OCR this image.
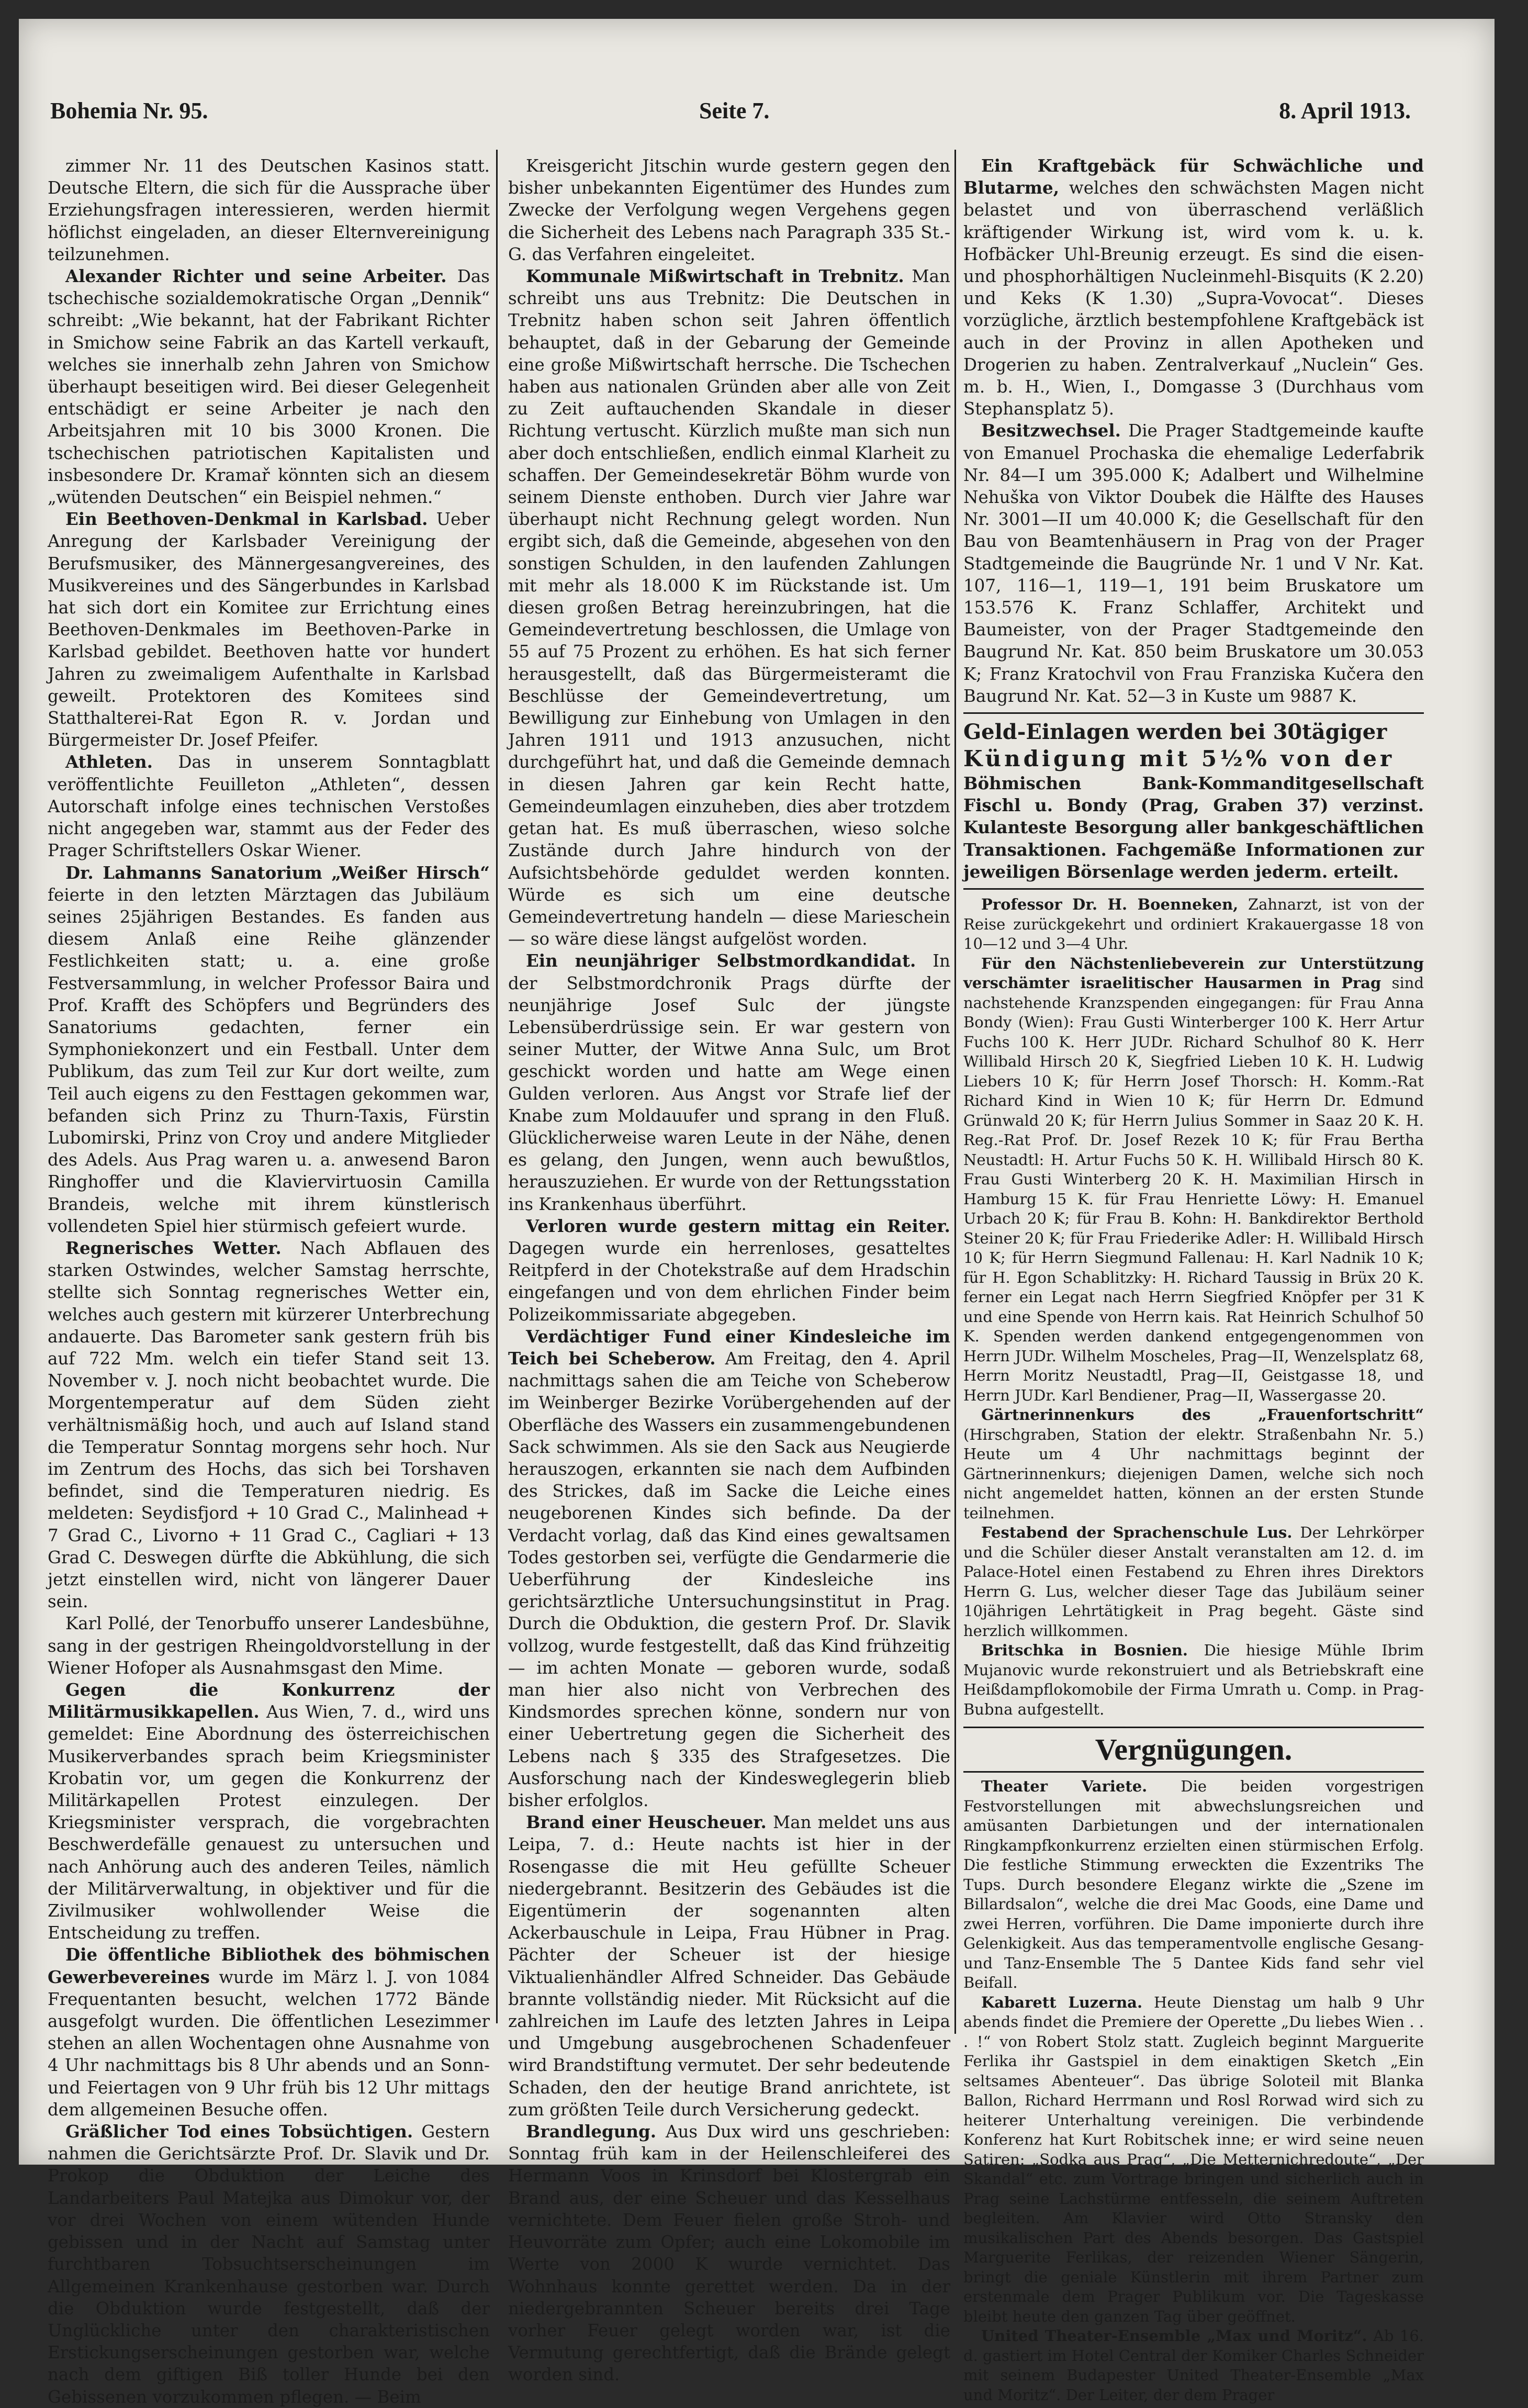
Bohemia Nr. 95.	Seite 7.	8. April 1913.

zimmer Nr. 11 des Deutschen Kasinos statt. Deutsche Eltern, die sich für die Aussprache über Erziehungsfragen interessieren, werden hiermit höflichst eingeladen, an dieser Elternvereinigung teilzunehmen.

Alexander Richter und seine Arbeiter. Das tschechische sozialdemokratische Organ „Dennik“ schreibt: „Wie bekannt, hat der Fabrikant Richter in Smichow seine Fabrik an das Kartell verkauft, welches sie innerhalb zehn Jahren von Smichow überhaupt beseitigen wird. Bei dieser Gelegenheit entschädigt er seine Arbeiter je nach den Arbeitsjahren mit 10 bis 3000 Kronen. Die tschechischen patriotischen Kapitalisten und insbesondere Dr. Kramař könnten sich an diesem „wütenden Deutschen“ ein Beispiel nehmen.“

Ein Beethoven-Denkmal in Karlsbad. Ueber Anregung der Karlsbader Vereinigung der Berufsmusiker, des Männergesangvereines, des Musikvereines und des Sängerbundes in Karlsbad hat sich dort ein Komitee zur Errichtung eines Beethoven-Denkmales im Beethoven-Parke in Karlsbad gebildet. Beethoven hatte vor hundert Jahren zu zweimaligem Aufenthalte in Karlsbad geweilt. Protektoren des Komitees sind Statthalterei-Rat Egon R. v. Jordan und Bürgermeister Dr. Josef Pfeifer.

Athleten. Das in unserem Sonntagblatt veröffentlichte Feuilleton „Athleten“, dessen Autorschaft infolge eines technischen Verstoßes nicht angegeben war, stammt aus der Feder des Prager Schriftstellers Oskar Wiener.

Dr. Lahmanns Sanatorium „Weißer Hirsch“ feierte in den letzten Märztagen das Jubiläum seines 25jährigen Bestandes. Es fanden aus diesem Anlaß eine Reihe glänzender Festlichkeiten statt; u. a. eine große Festversammlung, in welcher Professor Baira und Prof. Krafft des Schöpfers und Begründers des Sanatoriums gedachten, ferner ein Symphoniekonzert und ein Festball. Unter dem Publikum, das zum Teil zur Kur dort weilte, zum Teil auch eigens zu den Festtagen gekommen war, befanden sich Prinz zu Thurn-Taxis, Fürstin Lubomirski, Prinz von Croy und andere Mitglieder des Adels. Aus Prag waren u. a. anwesend Baron Ringhoffer und die Klaviervirtuosin Camilla Brandeis, welche mit ihrem künstlerisch vollendeten Spiel hier stürmisch gefeiert wurde.

Regnerisches Wetter. Nach Abflauen des starken Ostwindes, welcher Samstag herrschte, stellte sich Sonntag regnerisches Wetter ein, welches auch gestern mit kürzerer Unterbrechung andauerte. Das Barometer sank gestern früh bis auf 722 Mm. welch ein tiefer Stand seit 13. November v. J. noch nicht beobachtet wurde. Die Morgentemperatur auf dem Süden zieht verhältnismäßig hoch, und auch auf Island stand die Temperatur Sonntag morgens sehr hoch. Nur im Zentrum des Hochs, das sich bei Torshaven befindet, sind die Temperaturen niedrig. Es meldeten: Seydisfjord + 10 Grad C., Malinhead + 7 Grad C., Livorno + 11 Grad C., Cagliari + 13 Grad C. Deswegen dürfte die Abkühlung, die sich jetzt einstellen wird, nicht von längerer Dauer sein.

Karl Pollé, der Tenorbuffo unserer Landesbühne, sang in der gestrigen Rheingoldvorstellung in der Wiener Hofoper als Ausnahmsgast den Mime.

Gegen die Konkurrenz der Militärmusikkapellen. Aus Wien, 7. d., wird uns gemeldet: Eine Abordnung des österreichischen Musikerverbandes sprach beim Kriegsminister Krobatin vor, um gegen die Konkurrenz der Militärkapellen Protest einzulegen. Der Kriegsminister versprach, die vorgebrachten Beschwerdefälle genauest zu untersuchen und nach Anhörung auch des anderen Teiles, nämlich der Militärverwaltung, in objektiver und für die Zivilmusiker wohlwollender Weise die Entscheidung zu treffen.

Die öffentliche Bibliothek des böhmischen Gewerbevereines wurde im März l. J. von 1084 Frequentanten besucht, welchen 1772 Bände ausgefolgt wurden. Die öffentlichen Lesezimmer stehen an allen Wochentagen ohne Ausnahme von 4 Uhr nachmittags bis 8 Uhr abends und an Sonn- und Feiertagen von 9 Uhr früh bis 12 Uhr mittags dem allgemeinen Besuche offen.

Gräßlicher Tod eines Tobsüchtigen. Gestern nahmen die Gerichtsärzte Prof. Dr. Slavik und Dr. Prokop die Obduktion der Leiche des Landarbeiters Paul Matejka aus Dimokur vor, der vor drei Wochen von einem wütenden Hunde gebissen und in der Nacht auf Samstag unter furchtbaren Tobsuchtserscheinungen im Allgemeinen Krankenhause gestorben war. Durch die Obduktion wurde festgestellt, daß der Unglückliche unter den charakteristischen Erstickungserscheinungen gestorben war, welche nach dem giftigen Biß toller Hunde bei den Gebissenen vorzukommen pflegen. — Beim

Kreisgericht Jitschin wurde gestern gegen den bisher unbekannten Eigentümer des Hundes zum Zwecke der Verfolgung wegen Vergehens gegen die Sicherheit des Lebens nach Paragraph 335 St.-G. das Verfahren eingeleitet.

Kommunale Mißwirtschaft in Trebnitz. Man schreibt uns aus Trebnitz: Die Deutschen in Trebnitz haben schon seit Jahren öffentlich behauptet, daß in der Gebarung der Gemeinde eine große Mißwirtschaft herrsche. Die Tschechen haben aus nationalen Gründen aber alle von Zeit zu Zeit auftauchenden Skandale in dieser Richtung vertuscht. Kürzlich mußte man sich nun aber doch entschließen, endlich einmal Klarheit zu schaffen. Der Gemeindesekretär Böhm wurde von seinem Dienste enthoben. Durch vier Jahre war überhaupt nicht Rechnung gelegt worden. Nun ergibt sich, daß die Gemeinde, abgesehen von den sonstigen Schulden, in den laufenden Zahlungen mit mehr als 18.000 K im Rückstande ist. Um diesen großen Betrag hereinzubringen, hat die Gemeindevertretung beschlossen, die Umlage von 55 auf 75 Prozent zu erhöhen. Es hat sich ferner herausgestellt, daß das Bürgermeisteramt die Beschlüsse der Gemeindevertretung, um Bewilligung zur Einhebung von Umlagen in den Jahren 1911 und 1913 anzusuchen, nicht durchgeführt hat, und daß die Gemeinde demnach in diesen Jahren gar kein Recht hatte, Gemeindeumlagen einzuheben, dies aber trotzdem getan hat. Es muß überraschen, wieso solche Zustände durch Jahre hindurch von der Aufsichtsbehörde geduldet werden konnten. Würde es sich um eine deutsche Gemeindevertretung handeln — diese Marieschein — so wäre diese längst aufgelöst worden.

Ein neunjähriger Selbstmordkandidat. In der Selbstmordchronik Prags dürfte der neunjährige Josef Sulc der jüngste Lebensüberdrüssige sein. Er war gestern von seiner Mutter, der Witwe Anna Sulc, um Brot geschickt worden und hatte am Wege einen Gulden verloren. Aus Angst vor Strafe lief der Knabe zum Moldauufer und sprang in den Fluß. Glücklicherweise waren Leute in der Nähe, denen es gelang, den Jungen, wenn auch bewußtlos, herauszuziehen. Er wurde von der Rettungsstation ins Krankenhaus überführt.

Verloren wurde gestern mittag ein Reiter. Dagegen wurde ein herrenloses, gesatteltes Reitpferd in der Chotekstraße auf dem Hradschin eingefangen und von dem ehrlichen Finder beim Polizeikommissariate abgegeben.

Verdächtiger Fund einer Kindesleiche im Teich bei Scheberow. Am Freitag, den 4. April nachmittags sahen die am Teiche von Scheberow im Weinberger Bezirke Vorübergehenden auf der Oberfläche des Wassers ein zusammengebundenen Sack schwimmen. Als sie den Sack aus Neugierde herauszogen, erkannten sie nach dem Aufbinden des Strickes, daß im Sacke die Leiche eines neugeborenen Kindes sich befinde. Da der Verdacht vorlag, daß das Kind eines gewaltsamen Todes gestorben sei, verfügte die Gendarmerie die Ueberführung der Kindesleiche ins gerichtsärztliche Untersuchungsinstitut in Prag. Durch die Obduktion, die gestern Prof. Dr. Slavik vollzog, wurde festgestellt, daß das Kind frühzeitig — im achten Monate — geboren wurde, sodaß man hier also nicht von Verbrechen des Kindsmordes sprechen könne, sondern nur von einer Uebertretung gegen die Sicherheit des Lebens nach § 335 des Strafgesetzes. Die Ausforschung nach der Kindesweglegerin blieb bisher erfolglos.

Brand einer Heuscheuer. Man meldet uns aus Leipa, 7. d.: Heute nachts ist hier in der Rosengasse die mit Heu gefüllte Scheuer niedergebrannt. Besitzerin des Gebäudes ist die Eigentümerin der sogenannten alten Ackerbauschule in Leipa, Frau Hübner in Prag. Pächter der Scheuer ist der hiesige Viktualienhändler Alfred Schneider. Das Gebäude brannte vollständig nieder. Mit Rücksicht auf die zahlreichen im Laufe des letzten Jahres in Leipa und Umgebung ausgebrochenen Schadenfeuer wird Brandstiftung vermutet. Der sehr bedeutende Schaden, den der heutige Brand anrichtete, ist zum größten Teile durch Versicherung gedeckt.

Brandlegung. Aus Dux wird uns geschrieben: Sonntag früh kam in der Heilenschleiferei des Hermann Voos in Krinsdorf bei Klostergrab ein Brand aus, der eine Scheuer und das Kesselhaus vernichtete. Dem Feuer fielen große Stroh- und Heuvorräte zum Opfer; auch eine Lokomobile im Werte von 2000 K wurde vernichtet. Das Wohnhaus konnte gerettet werden. Da in der niedergebrannten Scheuer bereits drei Tage vorher Feuer gelegt worden war, ist die Vermutung gerechtfertigt, daß die Brände gelegt worden sind.

Ein Kraftgebäck für Schwächliche und Blutarme, welches den schwächsten Magen nicht belastet und von überraschend verläßlich kräftigender Wirkung ist, wird vom k. u. k. Hofbäcker Uhl-Breunig erzeugt. Es sind die eisen- und phosphorhältigen Nucleinmehl-Bisquits (K 2.20) und Keks (K 1.30) „Supra-Vovocat“. Dieses vorzügliche, ärztlich bestempfohlene Kraftgebäck ist auch in der Provinz in allen Apotheken und Drogerien zu haben. Zentralverkauf „Nuclein“ Ges. m. b. H., Wien, I., Domgasse 3 (Durchhaus vom Stephansplatz 5).

Besitzwechsel. Die Prager Stadtgemeinde kaufte von Emanuel Prochaska die ehemalige Lederfabrik Nr. 84—I um 395.000 K; Adalbert und Wilhelmine Nehuška von Viktor Doubek die Hälfte des Hauses Nr. 3001—II um 40.000 K; die Gesellschaft für den Bau von Beamtenhäusern in Prag von der Prager Stadtgemeinde die Baugründe Nr. 1 und V Nr. Kat. 107, 116—1, 119—1, 191 beim Bruskatore um 153.576 K. Franz Schlaffer, Architekt und Baumeister, von der Prager Stadtgemeinde den Baugrund Nr. Kat. 850 beim Bruskatore um 30.053 K; Franz Kratochvil von Frau Franziska Kučera den Baugrund Nr. Kat. 52—3 in Kuste um 9887 K.

Geld-Einlagen werden bei 30tägiger
Kündigung mit 5½% von der

Böhmischen Bank-Kommanditgesellschaft Fischl u. Bondy (Prag, Graben 37) verzinst. Kulanteste Besorgung aller bankgeschäftlichen Transaktionen. Fachgemäße Informationen zur jeweiligen Börsenlage werden jederm. erteilt.

Professor Dr. H. Boenneken, Zahnarzt, ist von der Reise zurückgekehrt und ordiniert Krakauergasse 18 von 10—12 und 3—4 Uhr.

Für den Nächstenliebeverein zur Unterstützung verschämter israelitischer Hausarmen in Prag sind nachstehende Kranzspenden eingegangen: für Frau Anna Bondy (Wien): Frau Gusti Winterberger 100 K. Herr Artur Fuchs 100 K. Herr JUDr. Richard Schulhof 80 K. Herr Willibald Hirsch 20 K, Siegfried Lieben 10 K. H. Ludwig Liebers 10 K; für Herrn Josef Thorsch: H. Komm.-Rat Richard Kind in Wien 10 K; für Herrn Dr. Edmund Grünwald 20 K; für Herrn Julius Sommer in Saaz 20 K. H. Reg.-Rat Prof. Dr. Josef Rezek 10 K; für Frau Bertha Neustadtl: H. Artur Fuchs 50 K. H. Willibald Hirsch 80 K. Frau Gusti Winterberg 20 K. H. Maximilian Hirsch in Hamburg 15 K. für Frau Henriette Löwy: H. Emanuel Urbach 20 K; für Frau B. Kohn: H. Bankdirektor Berthold Steiner 20 K; für Frau Friederike Adler: H. Willibald Hirsch 10 K; für Herrn Siegmund Fallenau: H. Karl Nadnik 10 K; für H. Egon Schablitzky: H. Richard Taussig in Brüx 20 K. ferner ein Legat nach Herrn Siegfried Knöpfer per 31 K und eine Spende von Herrn kais. Rat Heinrich Schulhof 50 K. Spenden werden dankend entgegengenommen von Herrn JUDr. Wilhelm Moscheles, Prag—II, Wenzelsplatz 68, Herrn Moritz Neustadtl, Prag—II, Geistgasse 18, und Herrn JUDr. Karl Bendiener, Prag—II, Wassergasse 20.

Gärtnerinnenkurs des „Frauenfortschritt“ (Hirschgraben, Station der elektr. Straßenbahn Nr. 5.) Heute um 4 Uhr nachmittags beginnt der Gärtnerinnenkurs; diejenigen Damen, welche sich noch nicht angemeldet hatten, können an der ersten Stunde teilnehmen.

Festabend der Sprachenschule Lus. Der Lehrkörper und die Schüler dieser Anstalt veranstalten am 12. d. im Palace-Hotel einen Festabend zu Ehren ihres Direktors Herrn G. Lus, welcher dieser Tage das Jubiläum seiner 10jährigen Lehrtätigkeit in Prag begeht. Gäste sind herzlich willkommen.

Britschka in Bosnien. Die hiesige Mühle Ibrim Mujanovic wurde rekonstruiert und als Betriebskraft eine Heißdampflokomobile der Firma Umrath u. Comp. in Prag-Bubna aufgestellt.

Vergnügungen.

Theater Variete. Die beiden vorgestrigen Festvorstellungen mit abwechslungsreichen und amüsanten Darbietungen und der internationalen Ringkampfkonkurrenz erzielten einen stürmischen Erfolg. Die festliche Stimmung erweckten die Exzentriks The Tups. Durch besondere Eleganz wirkte die „Szene im Billardsalon“, welche die drei Mac Goods, eine Dame und zwei Herren, vorführen. Die Dame imponierte durch ihre Gelenkigkeit. Aus das temperamentvolle englische Gesang- und Tanz-Ensemble The 5 Dantee Kids fand sehr viel Beifall.

Kabarett Luzerna. Heute Dienstag um halb 9 Uhr abends findet die Premiere der Operette „Du liebes Wien . . . !“ von Robert Stolz statt. Zugleich beginnt Marguerite Ferlika ihr Gastspiel in dem einaktigen Sketch „Ein seltsames Abenteuer“. Das übrige Soloteil mit Blanka Ballon, Richard Herrmann und Rosl Rorwad wird sich zu heiterer Unterhaltung vereinigen. Die verbindende Konferenz hat Kurt Robitschek inne; er wird seine neuen Satiren: „Sodka aus Prag“, „Die Metternichredoute“, „Der Skandal“ etc. zum Vortrage bringen und sicherlich auch in Prag seine Lachstürme entfesseln, die seinem Auftreten begleiten. Am Klavier wird Otto Stransky den musikalischen Part des Abends besorgen. Das Gastspiel Marguerite Ferlikas, der reizenden Wiener Sängerin, bringt die geniale Künstlerin mit ihrem Partner zum erstenmale dem Prager Publikum vor. Die Tageskasse bleibt heute den ganzen Tag über geöffnet.

United Theater-Ensemble „Max und Moritz“. Ab 16. d. gastiert im Hotel Central der Komiker Charles Schneider mit seinem Budapester United Theater-Ensemble „Max und Moritz“. Der Leiter, der dem Prager
